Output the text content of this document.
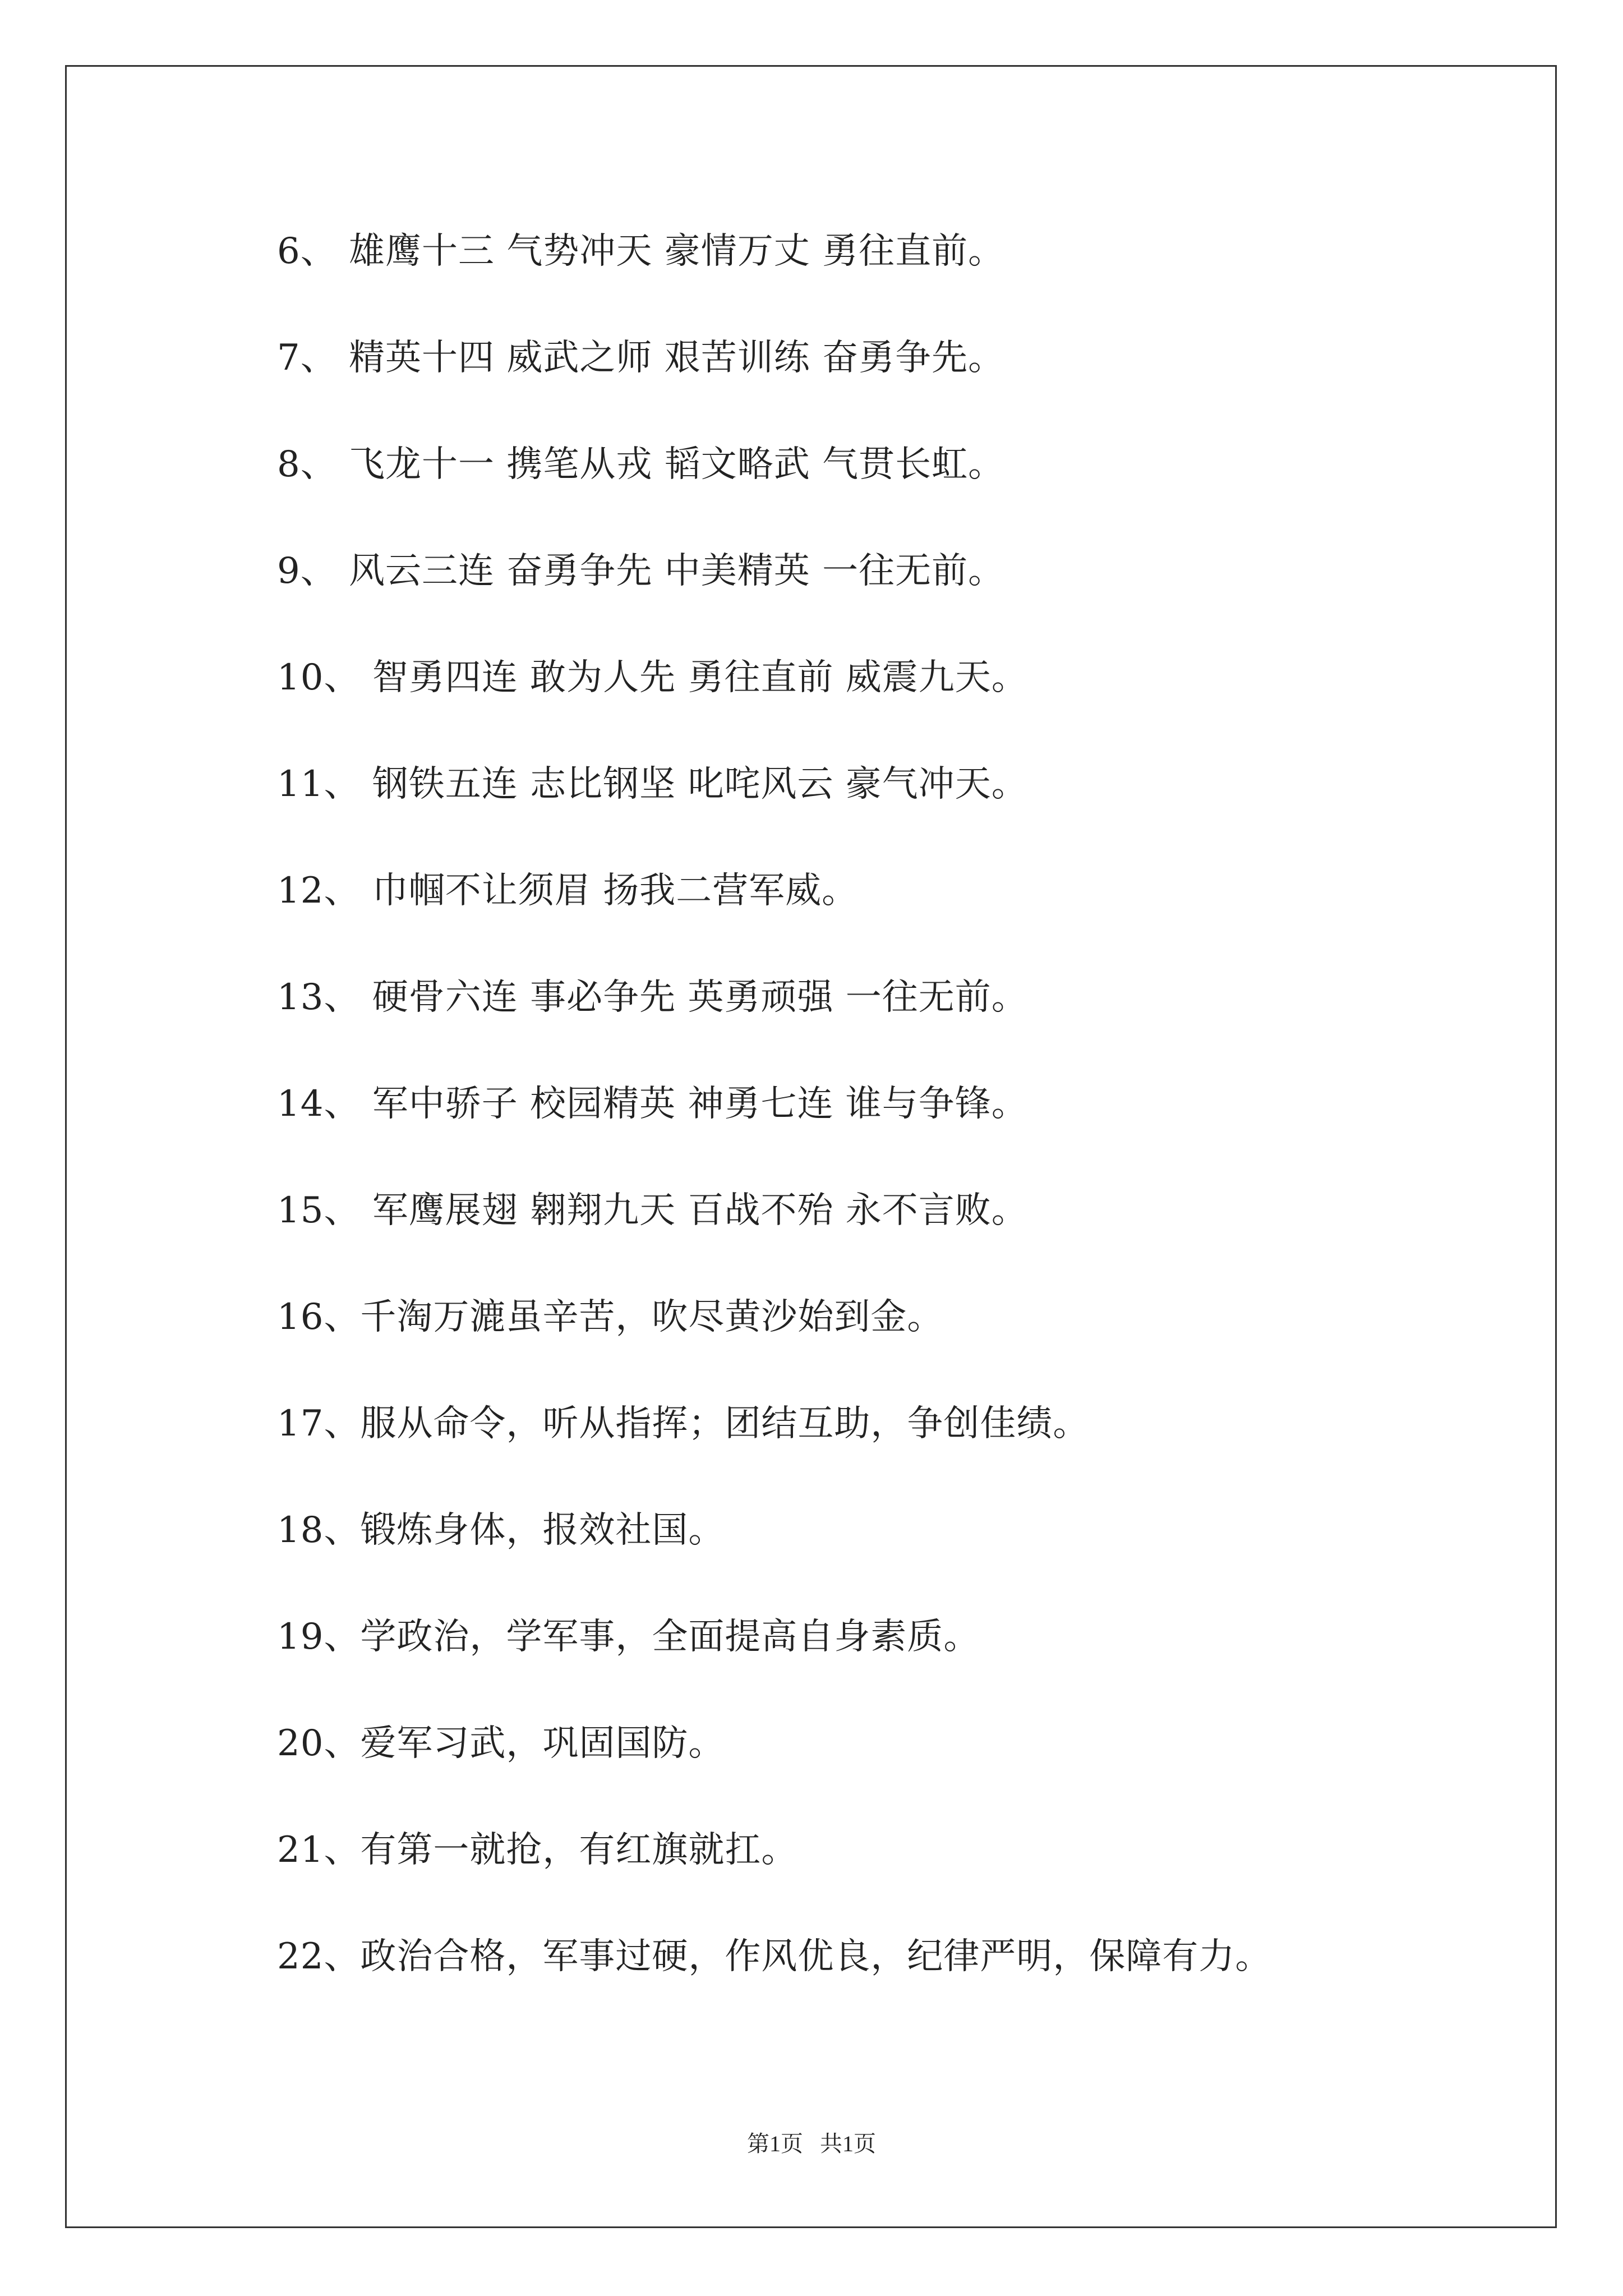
6、 雄鹰十三 气势冲天 豪情万丈 勇往直前。
7、 精英十四 威武之师 艰苦训练 奋勇争先。
8、 飞龙十一 携笔从戎 韬文略武 气贯长虹。
9、 风云三连 奋勇争先 中美精英 一往无前。
10、 智勇四连 敢为人先 勇往直前 威震九天。
11、 钢铁五连 志比钢坚 叱咤风云 豪气冲天。
12、 巾帼不让须眉 扬我二营军威。
13、 硬骨六连 事必争先 英勇顽强 一往无前。
14、 军中骄子 校园精英 神勇七连 谁与争锋。
15、 军鹰展翅 翱翔九天 百战不殆 永不言败。
16、千淘万漉虽辛苦，吹尽黄沙始到金。
17、服从命令，听从指挥；团结互助，争创佳绩。
18、锻炼身体，报效社国。
19、学政治，学军事，全面提高自身素质。
20、爱军习武，巩固国防。
21、有第一就抢，有红旗就扛。
22、政治合格，军事过硬，作风优良，纪律严明，保障有力。
第1页   共1页
